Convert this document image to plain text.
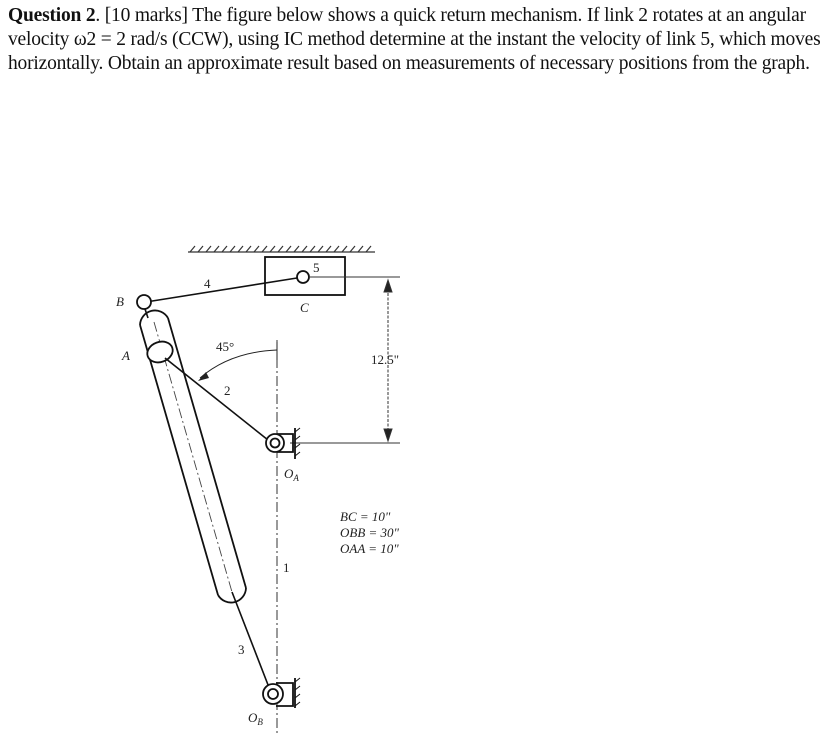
Question 2. [10 marks] The figure below shows a quick return mechanism. If link 2 rotates at an angular velocity ω2 = 2 rad/s (CCW), using IC method determine at the instant the velocity of link 5, which moves horizontally. Obtain an approximate result based on measurements of necessary positions from the graph.
4
5
C
B
A
45°
2
12.5"
$O_A$
1
3
$O_B$
BC = 10"
OBB = 30"
OAA = 10"
